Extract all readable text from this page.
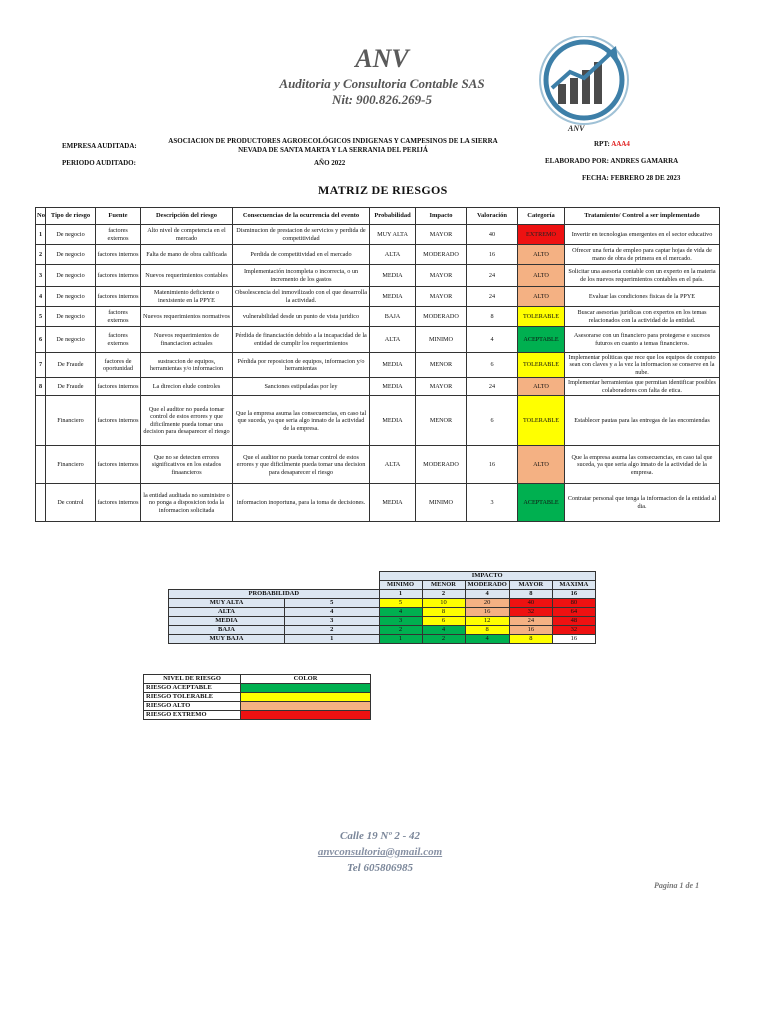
ANV
Auditoria y Consultoria Contable SAS
Nit: 900.826.269-5
ANV
EMPRESA AUDITADA:
ASOCIACION DE PRODUCTORES AGROECOLÓGICOS INDIGENAS Y CAMPESINOS DE LA SIERRA NEVADA DE SANTA MARTA Y LA SERRANIA DEL PERIJÁ
PERIODO AUDITADO:	AÑO 2022
RPT: AAA4
ELABORADO POR: ANDRES GAMARRA
FECHA: FEBRERO 28 DE 2023
MATRIZ DE RIESGOS
No	Tipo de riesgo	Fuente	Descripción del riesgo	Consecuencias de la ocurrencia del evento	Probabilidad	Impacto	Valoración	Categoría	Tratamiento/ Control a ser implementado
1	De negocio	factores externos	Alto nivel de competencia en el mercado	Disminucion de prestacion de servicios y perdida de competitividad	MUY ALTA	MAYOR	40	EXTREMO	Invertir en tecnologias emergentes en el sector educativo
2	De negocio	factores internos	Falta de mano de obra calificada	Perdida de competitividad en el mercado	ALTA	MODERADO	16	ALTO	Ofrecer una feria de empleo para captar hojas de vida de mano de obra de primera en el mercado.
3	De negocio	factores internos	Nuevos requerimientos contables	Implementación incompleta o incorrecta, o un incremento de los gastos	MEDIA	MAYOR	24	ALTO	Solicitar una asesoria contable con un experto en la materia de los nuevos requerimientos contables en el país.
4	De negocio	factores internos	Matenimiento deficiente o inexistente en la PPYE	Obsolescencia del inmovilizado con el que desarrolla la actividad.	MEDIA	MAYOR	24	ALTO	Evaluar las condiciones fisicas de la PPYE
5	De negocio	factores externos	Nuevos requerimientos normativos	vulnerabilidad desde un punto de vista juridico	BAJA	MODERADO	8	TOLERABLE	Buscar asesorias juridicas con expertos en los temas relacionados con la actividad de la entidad.
6	De negocio	factores externos	Nuevos requerimientos de financiacion actuales	Pérdida de financiación debido a la incapacidad de la entidad de cumplir los requerimientos	ALTA	MINIMO	4	ACEPTABLE	Asesorarse con un financiero para protegerse e sucesos futuros en cuanto a temas financieros.
7	De Fraude	factores de oportunidad	sustraccion de equipos, herramientas y/o informacion	Pérdida por reposicion de equipos, informacion y/o herramientas	MEDIA	MENOR	6	TOLERABLE	Implementar politicas que rece que los equipos de computo sean con claves y a la vez la informacion se conserve en la nube.
8	De Fraude	factores internos	La direcion elude controles	Sanciones estipuladas por ley	MEDIA	MAYOR	24	ALTO	Implementar herramientas que permitan identificar posibles colaboradores con falta de etica.
	Financiero	factores internos	Que el auditor no pueda tomar control de estos errores y que dificilmente pueda tomar una decision para desaparecer el riesgo	Que la empresa asuma las consecuencias, en caso tal que suceda, ya que seria algo innato de la actividad de la empresa.	MEDIA	MENOR	6	TOLERABLE	Establecer pautas para las entregas de las encomiendas
	Financiero	factores internos	Que no se detecten errores significativos en los estados finaancieros	Que el auditor no pueda tomar control de estos errores y que dificilmente pueda tomar una decision para desaparecer el riesgo	ALTA	MODERADO	16	ALTO	Que la empresa asuma las consecuencias, en caso tal que suceda, ya que seria algo innato de la actividad de la empresa.
	De control	factores internos	la entidad auditada no suministre o no ponga a disposicion toda la informacion solicitada	informacion inoportuna, para la toma de decisiones.	MEDIA	MINIMO	3	ACEPTABLE	Contratar personal que tenga la informacion de la entidad al dia.
		IMPACTO				
		MINIMO	MENOR	MODERADO	MAYOR	MAXIMA
PROBABILIDAD		1	2	4	8	16
MUY ALTA	5	5	10	20	40	80
ALTA	4	4	8	16	32	64
MEDIA	3	3	6	12	24	48
BAJA	2	2	4	8	16	32
MUY BAJA	1	1	2	4	8	16
NIVEL DE RIESGO	COLOR
RIESGO ACEPTABLE	
RIESGO TOLERABLE	
RIESGO ALTO	
RIESGO EXTREMO	
Calle 19 Nº 2 - 42
anvconsultoria@gmail.com
Tel 605806985
Pagina 1 de 1
